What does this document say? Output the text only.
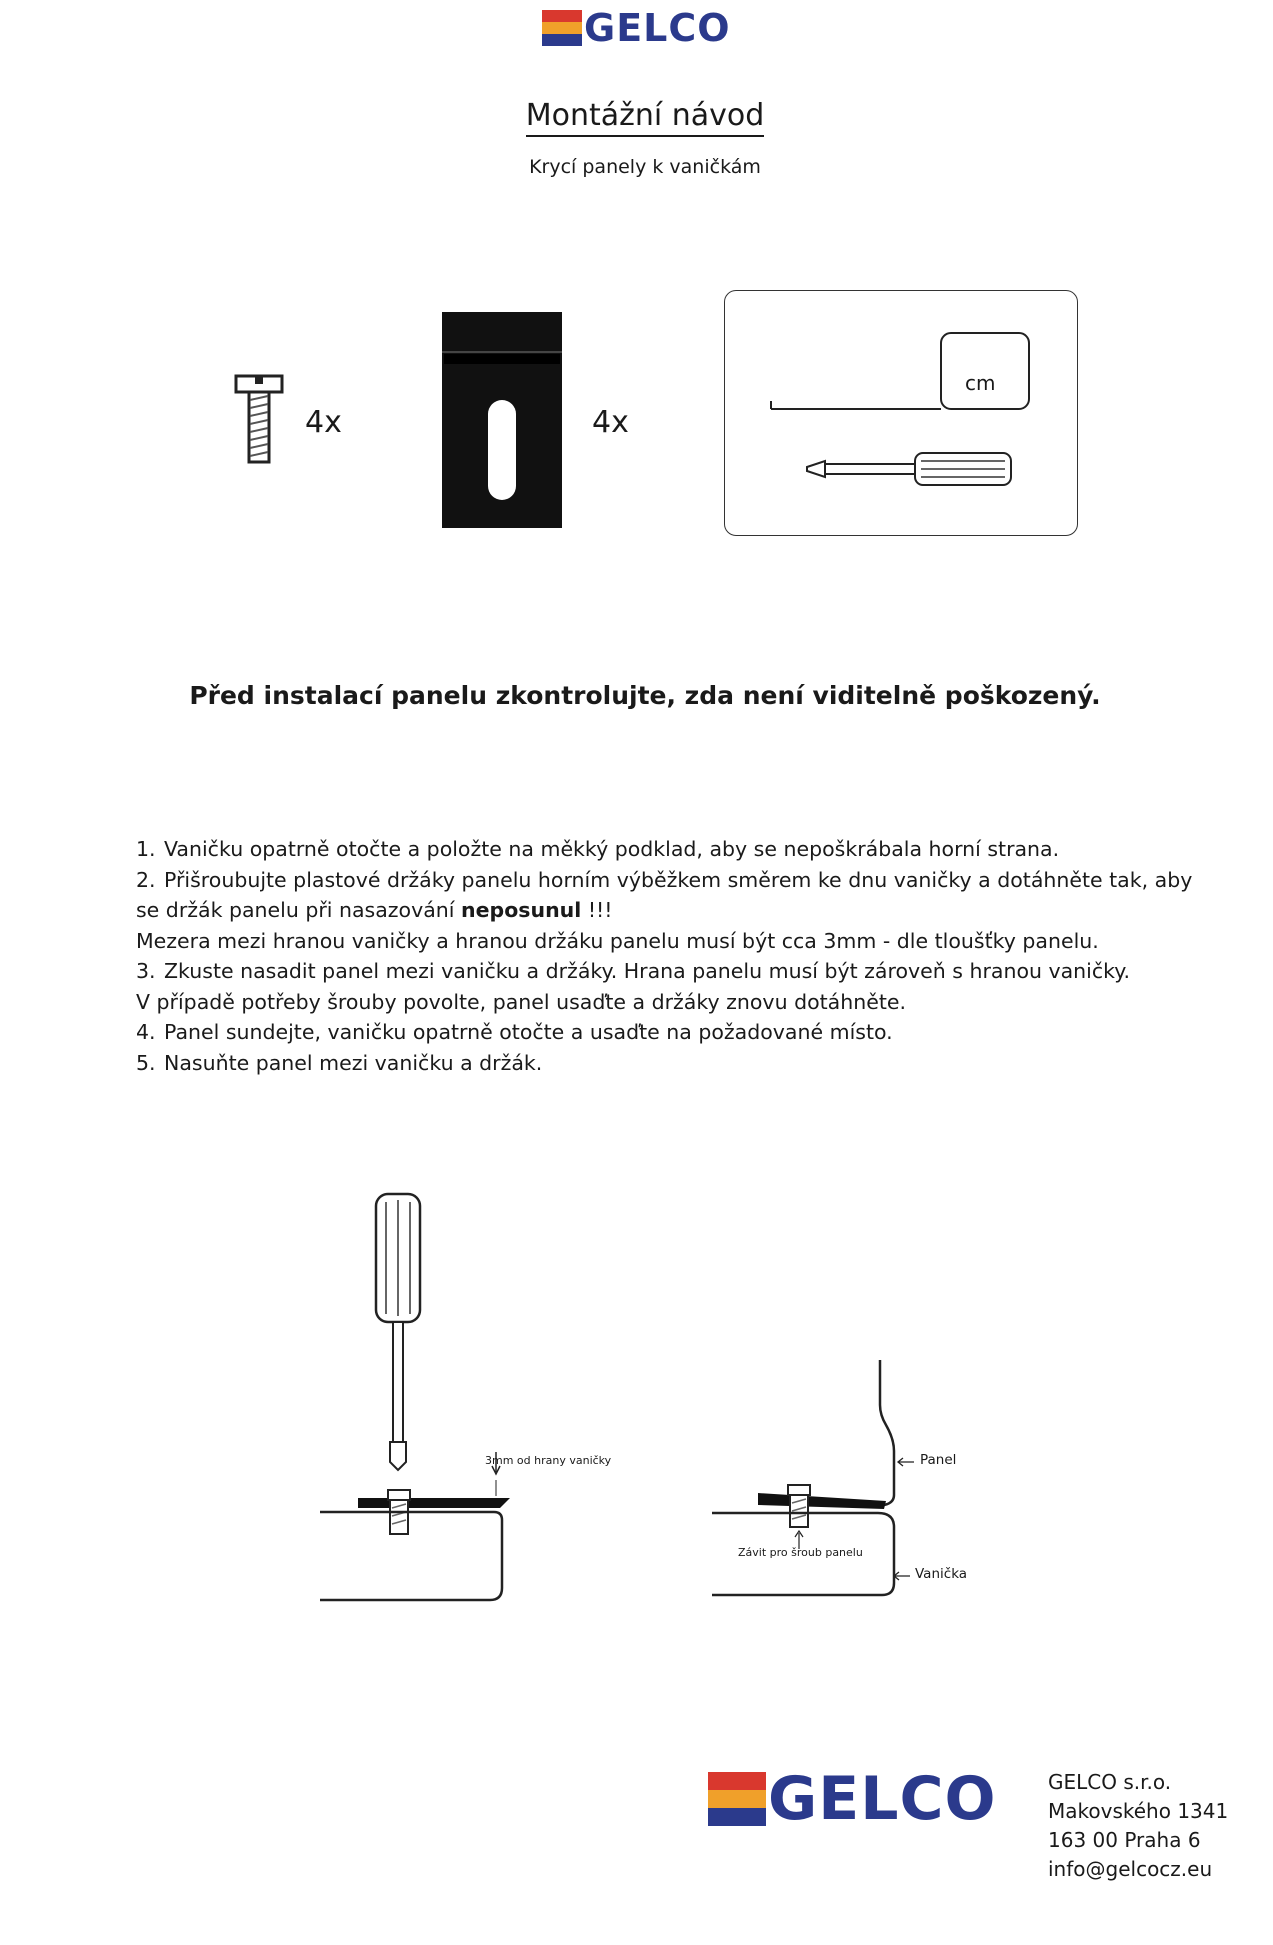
GELCO
Montážní návod
Krycí panely k vaničkám
4x	4x
cm
Před instalací panelu zkontrolujte, zda není viditelně poškozený.
1. Vaničku opatrně otočte a položte na měkký podklad, aby se nepoškrábala horní strana.
2. Přišroubujte plastové držáky panelu horním výběžkem směrem ke dnu vaničky a dotáhněte tak, aby
se držák panelu při nasazování neposunul !!!
Mezera mezi hranou vaničky a hranou držáku panelu musí být cca 3mm - dle tloušťky panelu.
3. Zkuste nasadit panel mezi vaničku a držáky. Hrana panelu musí být zároveň s hranou vaničky.
V případě potřeby šrouby povolte, panel usaďte a držáky znovu dotáhněte.
4. Panel sundejte, vaničku opatrně otočte a usaďte na požadované místo.
5. Nasuňte panel mezi vaničku a držák.
3mm od hrany vaničky	Panel
Závit pro šroub panelu
Vanička
GELCO	GELCO s.r.o.
Makovského 1341
163 00 Praha 6
info@gelcocz.eu
